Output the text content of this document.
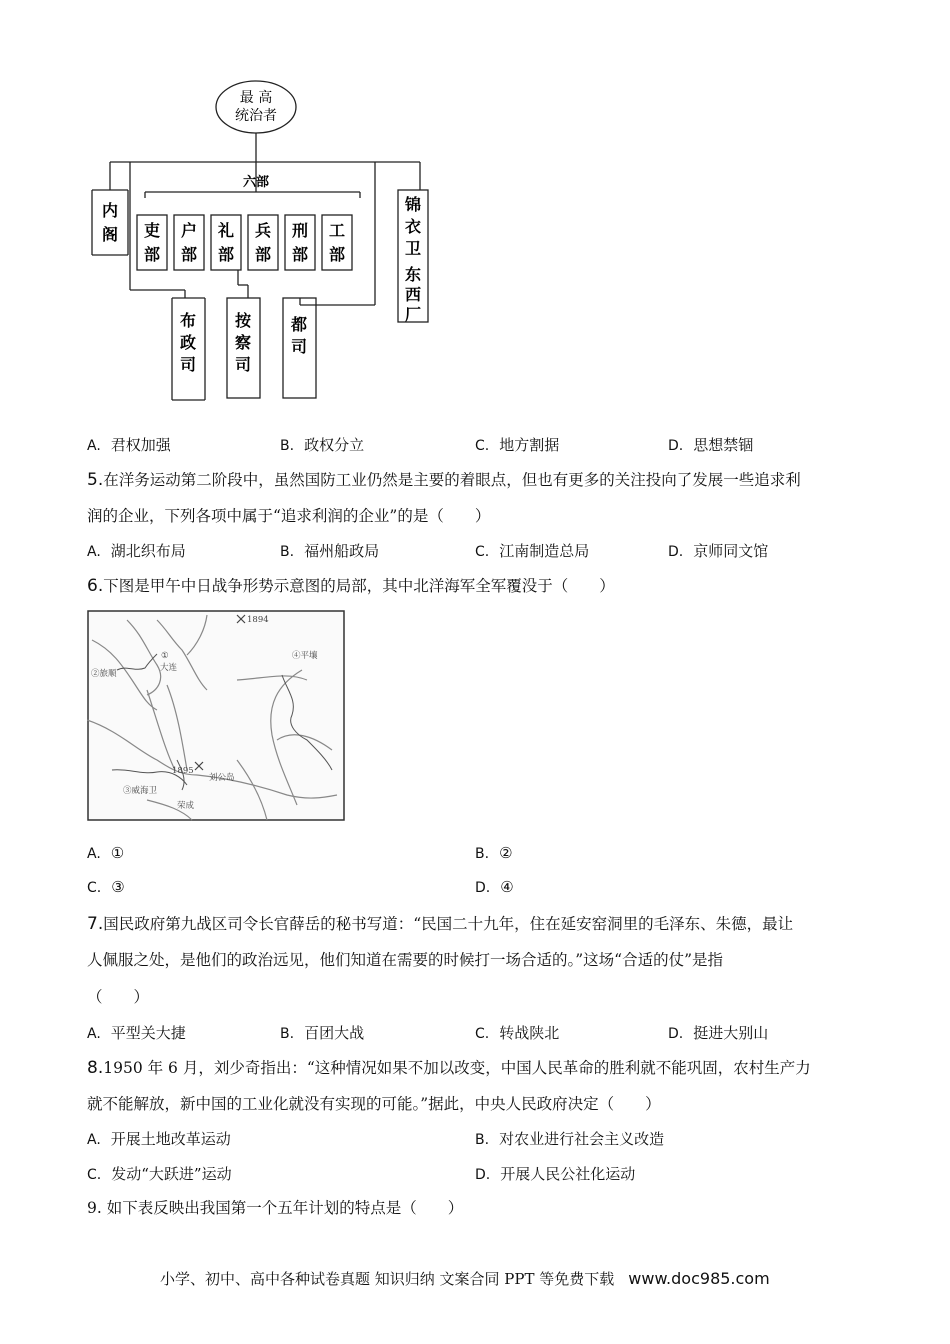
最 高
统治者
六部
吏部
户部
礼部
兵部
刑部
工部
内阁
锦衣卫
东西厂
布政司
按察司
都司
A. 君权加强	B. 政权分立	C. 地方割据	D. 思想禁锢
5.在洋务运动第二阶段中，虽然国防工业仍然是主要的着眼点，但也有更多的关注投向了发展一些追求利
润的企业，下列各项中属于“追求利润的企业”的是（　　）
A. 湖北织布局	B. 福州船政局	C. 江南制造总局	D. 京师同文馆
6.下图是甲午中日战争形势示意图的局部，其中北洋海军全军覆没于（　　）
①
大连
②旅顺
④平壤
1894
1895
刘公岛
③威海卫
荣成
A. ①	B. ②
C. ③	D. ④
7.国民政府第九战区司令长官薛岳的秘书写道：“民国二十九年，住在延安窑洞里的毛泽东、朱德，最让
人佩服之处，是他们的政治远见，他们知道在需要的时候打一场合适的。”这场“合适的仗”是指
（　　）
A. 平型关大捷	B. 百团大战	C. 转战陕北	D. 挺进大别山
8.1950 年 6 月，刘少奇指出：“这种情况如果不加以改变，中国人民革命的胜利就不能巩固，农村生产力
就不能解放，新中国的工业化就没有实现的可能。”据此，中央人民政府决定（　　）
A. 开展土地改革运动	B. 对农业进行社会主义改造
C. 发动“大跃进”运动	D. 开展人民公社化运动
9. 如下表反映出我国第一个五年计划的特点是（　　）
小学、初中、高中各种试卷真题 知识归纳 文案合同 PPT 等免费下载 www.doc985.com
